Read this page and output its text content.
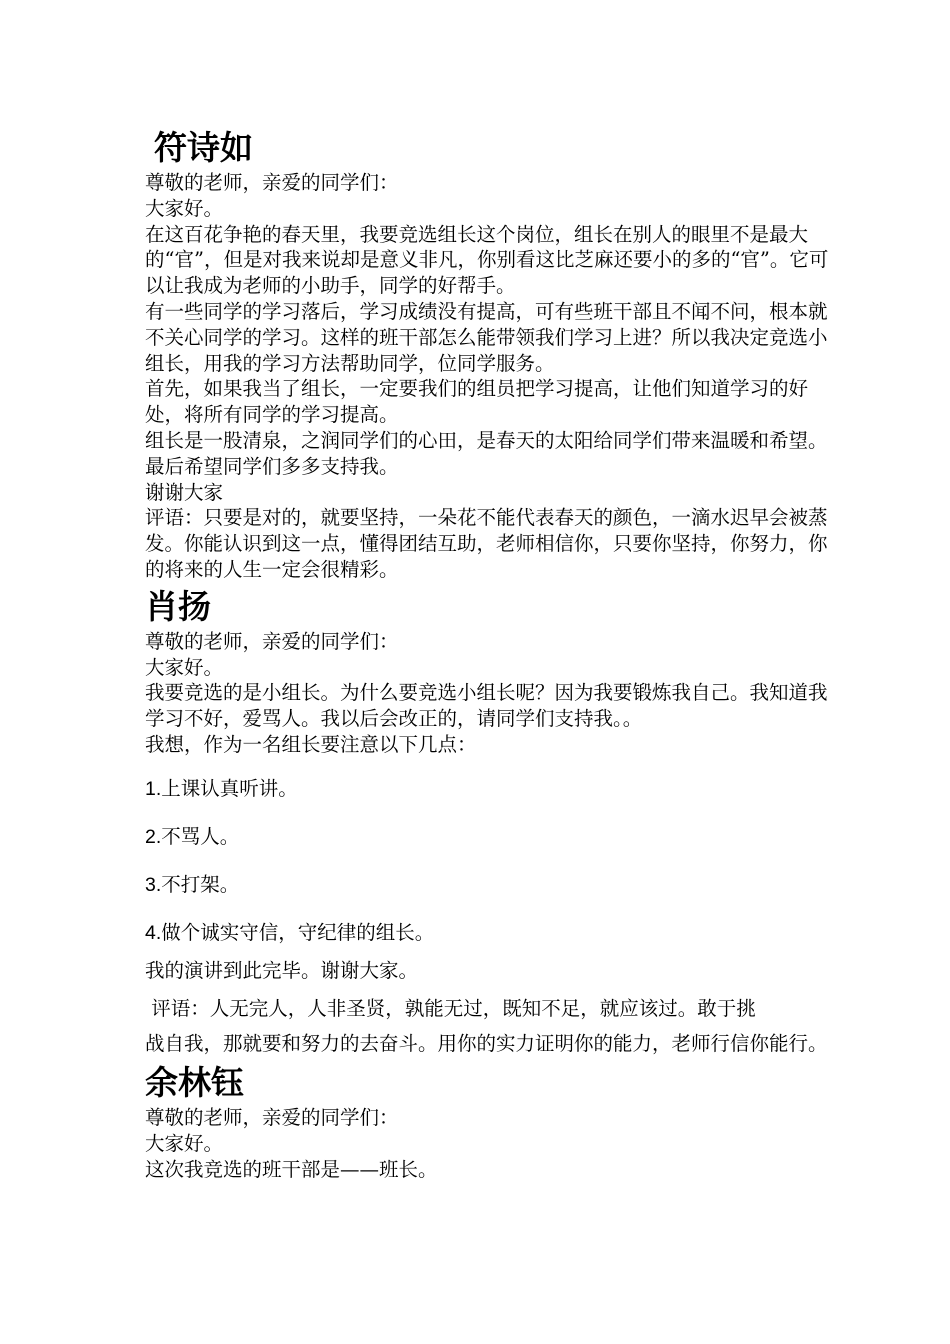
符诗如

尊敬的老师，亲爱的同学们：

大家好。

在这百花争艳的春天里，我要竞选组长这个岗位，组长在别人的眼里不是最大的“官”，但是对我来说却是意义非凡，你别看这比芝麻还要小的多的“官”。它可以让我成为老师的小助手，同学的好帮手。

有一些同学的学习落后，学习成绩没有提高，可有些班干部且不闻不问，根本就不关心同学的学习。这样的班干部怎么能带领我们学习上进？所以我决定竞选小组长，用我的学习方法帮助同学，位同学服务。

首先，如果我当了组长，一定要我们的组员把学习提高，让他们知道学习的好处，将所有同学的学习提高。

组长是一股清泉，之润同学们的心田，是春天的太阳给同学们带来温暖和希望。

最后希望同学们多多支持我。

谢谢大家

评语：只要是对的，就要坚持，一朵花不能代表春天的颜色，一滴水迟早会被蒸发。你能认识到这一点，懂得团结互助，老师相信你，只要你坚持，你努力，你的将来的人生一定会很精彩。

肖扬

尊敬的老师，亲爱的同学们：

大家好。

我要竞选的是小组长。为什么要竞选小组长呢？因为我要锻炼我自己。我知道我学习不好，爱骂人。我以后会改正的，请同学们支持我。。

我想，作为一名组长要注意以下几点：

1.上课认真听讲。

2.不骂人。

3.不打架。

4.做个诚实守信，守纪律的组长。

我的演讲到此完毕。谢谢大家。

评语：人无完人，人非圣贤，孰能无过，既知不足，就应该过。敢于挑

战自我，那就要和努力的去奋斗。用你的实力证明你的能力，老师行信你能行。

余林钰

尊敬的老师，亲爱的同学们：

大家好。

这次我竞选的班干部是——班长。
